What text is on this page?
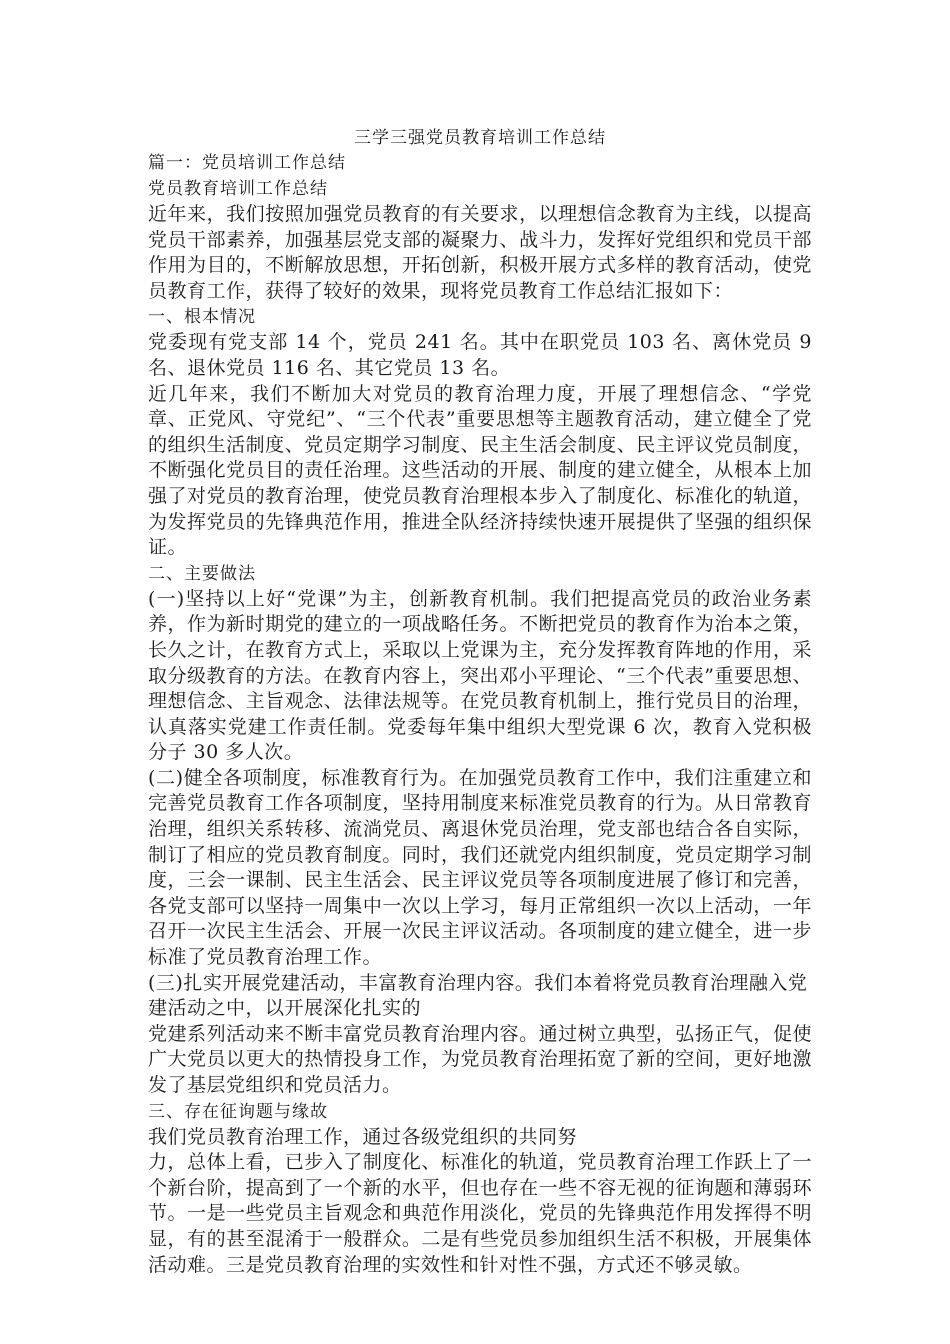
三学三强党员教育培训工作总结

篇一：党员培训工作总结

党员教育培训工作总结

近年来，我们按照加强党员教育的有关要求，以理想信念教育为主线，以提高党员干部素养，加强基层党支部的凝聚力、战斗力，发挥好党组织和党员干部作用为目的，不断解放思想，开拓创新，积极开展方式多样的教育活动，使党员教育工作，获得了较好的效果，现将党员教育工作总结汇报如下：

一、根本情况

党委现有党支部 14 个，党员 241 名。其中在职党员 103 名、离休党员 9 名、退休党员 116 名、其它党员 13 名。

近几年来，我们不断加大对党员的教育治理力度，开展了理想信念、“学党章、正党风、守党纪”、“三个代表”重要思想等主题教育活动，建立健全了党的组织生活制度、党员定期学习制度、民主生活会制度、民主评议党员制度，不断强化党员目的责任治理。这些活动的开展、制度的建立健全，从根本上加强了对党员的教育治理，使党员教育治理根本步入了制度化、标准化的轨道，为发挥党员的先锋典范作用，推进全队经济持续快速开展提供了坚强的组织保证。

二、主要做法

(一)坚持以上好“党课”为主，创新教育机制。我们把提高党员的政治业务素养，作为新时期党的建立的一项战略任务。不断把党员的教育作为治本之策，长久之计，在教育方式上，采取以上党课为主，充分发挥教育阵地的作用，采取分级教育的方法。在教育内容上，突出邓小平理论、“三个代表”重要思想、理想信念、主旨观念、法律法规等。在党员教育机制上，推行党员目的治理，认真落实党建工作责任制。党委每年集中组织大型党课 6 次，教育入党积极分子 30 多人次。

(二)健全各项制度，标准教育行为。在加强党员教育工作中，我们注重建立和完善党员教育工作各项制度，坚持用制度来标准党员教育的行为。从日常教育治理，组织关系转移、流淌党员、离退休党员治理，党支部也结合各自实际，制订了相应的党员教育制度。同时，我们还就党内组织制度，党员定期学习制度，三会一课制、民主生活会、民主评议党员等各项制度进展了修订和完善，各党支部可以坚持一周集中一次以上学习，每月正常组织一次以上活动，一年召开一次民主生活会、开展一次民主评议活动。各项制度的建立健全，进一步标准了党员教育治理工作。

(三)扎实开展党建活动，丰富教育治理内容。我们本着将党员教育治理融入党

建活动之中，以开展深化扎实的

党建系列活动来不断丰富党员教育治理内容。通过树立典型，弘扬正气，促使广大党员以更大的热情投身工作，为党员教育治理拓宽了新的空间，更好地激发了基层党组织和党员活力。

三、存在征询题与缘故

我们党员教育治理工作，通过各级党组织的共同努

力，总体上看，已步入了制度化、标准化的轨道，党员教育治理工作跃上了一个新台阶，提高到了一个新的水平，但也存在一些不容无视的征询题和薄弱环节。一是一些党员主旨观念和典范作用淡化，党员的先锋典范作用发挥得不明显，有的甚至混淆于一般群众。二是有些党员参加组织生活不积极，开展集体活动难。三是党员教育治理的实效性和针对性不强，方式还不够灵敏。
